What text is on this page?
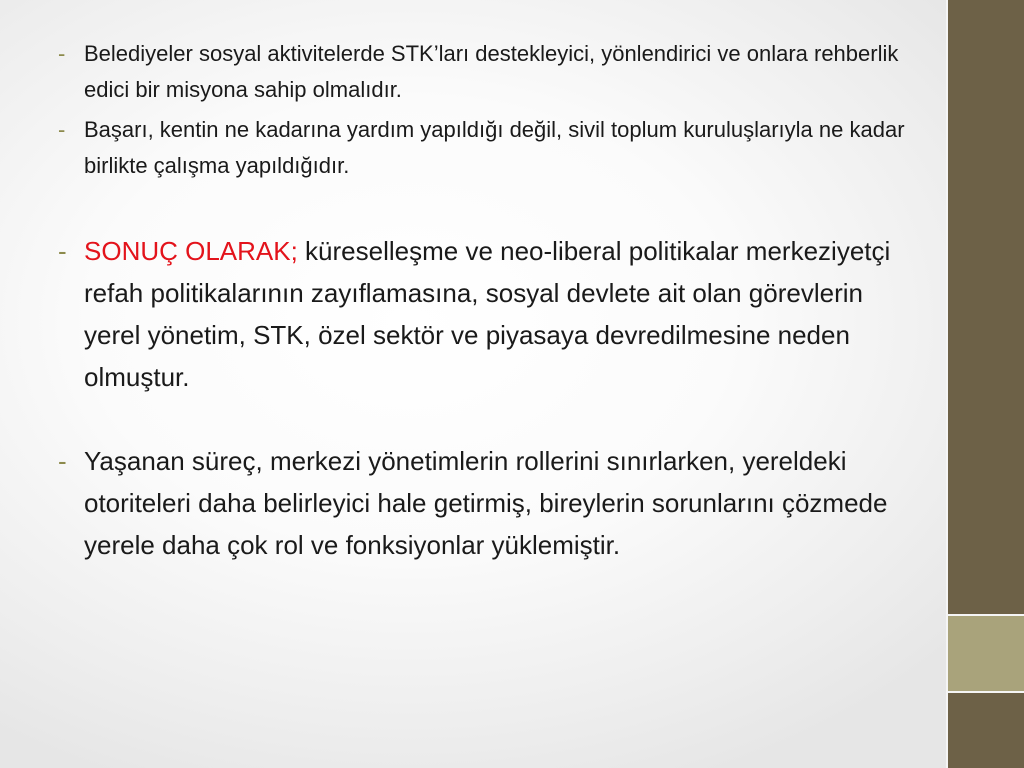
- Belediyeler sosyal aktivitelerde STK’ları destekleyici, yönlendirici ve onlara rehberlik edici bir misyona sahip olmalıdır.
- Başarı, kentin ne kadarına yardım yapıldığı değil, sivil toplum kuruluşlarıyla ne kadar birlikte çalışma yapıldığıdır.
- SONUÇ OLARAK; küreselleşme ve neo-liberal politikalar merkeziyetçi refah politikalarının zayıflamasına, sosyal devlete ait olan görevlerin yerel yönetim, STK, özel sektör ve piyasaya devredilmesine neden olmuştur.
- Yaşanan süreç, merkezi yönetimlerin rollerini sınırlarken, yereldeki otoriteleri daha belirleyici hale getirmiş, bireylerin sorunlarını çözmede yerele daha çok rol ve fonksiyonlar yüklemiştir.
